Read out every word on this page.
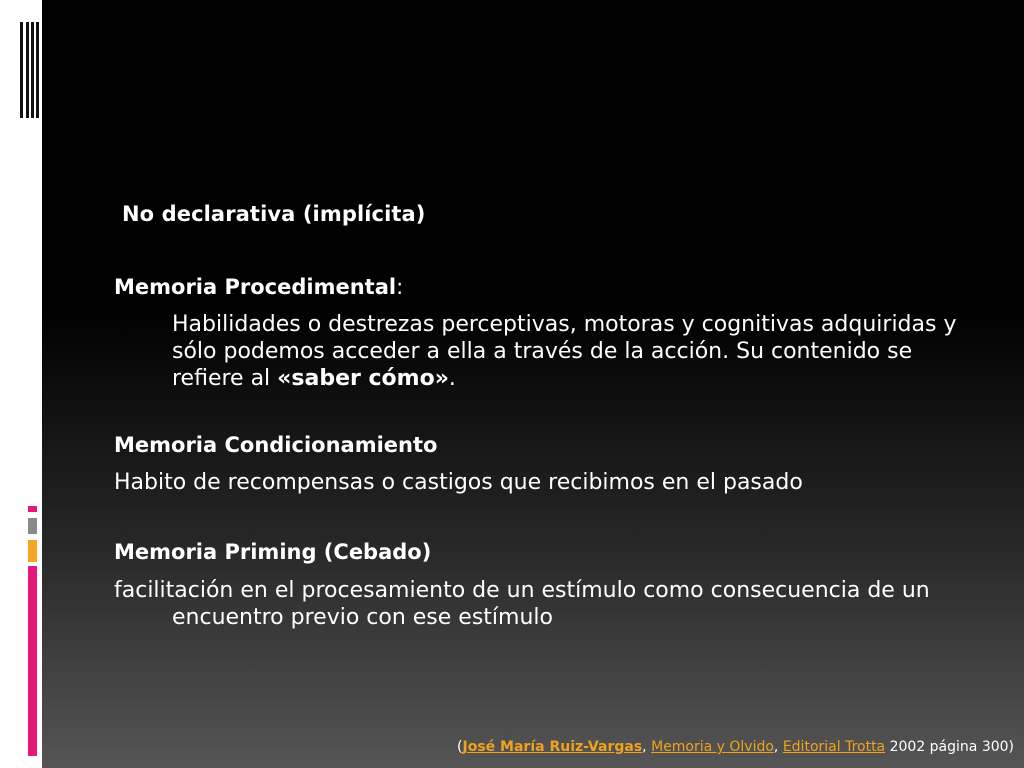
No declarativa (implícita)
Memoria Procedimental:
Habilidades o destrezas perceptivas, motoras y cognitivas adquiridas y sólo podemos acceder a ella a través de la acción. Su contenido se refiere al «saber cómo».
Memoria Condicionamiento
Habito de recompensas o castigos que recibimos en el pasado
Memoria Priming (Cebado)
facilitación en el procesamiento de un estímulo como consecuencia de un encuentro previo con ese estímulo
(José María Ruiz-Vargas, Memoria y Olvido, Editorial Trotta 2002 página 300)
